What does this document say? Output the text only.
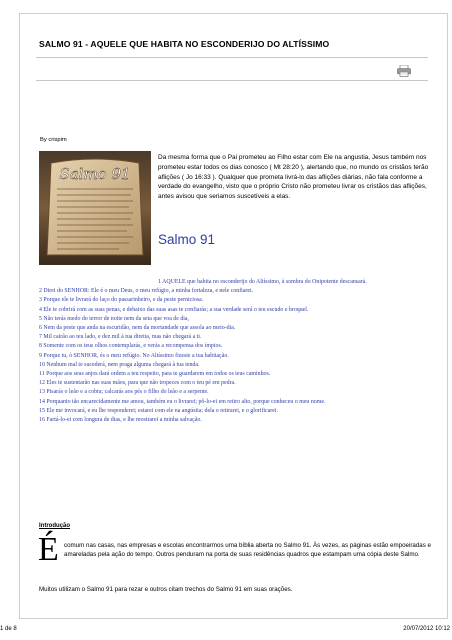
SALMO 91 - AQUELE QUE HABITA NO ESCONDERIJO DO ALTÍSSIMO
By crispim
Salmo 91
Da mesma forma que o Pai prometeu ao Filho estar com Ele na angustia, Jesus também nos prometeu estar todos os dias conosco ( Mt 28:20 ), alertando que, no mundo os cristãos terão aflições ( Jo 16:33 ). Qualquer que prometa livrá-lo das aflições diárias, não fala conforme a verdade do evangelho, visto que o próprio Cristo não prometeu livrar os cristãos das aflições, antes avisou que seriamos suscetíveis a elas.
Salmo 91

1 AQUELE que habita no esconderijo do Altíssimo, à sombra do Onipotente descansará.

2 Direi do SENHOR: Ele é o meu Deus, o meu refúgio, a minha fortaleza, e nele confiarei.

3 Porque ele te livrará do laço do passarinheiro, e da peste perniciosa.

4 Ele te cobrirá com as suas penas, e debaixo das suas asas te confiarás; a sua verdade será o teu escudo e broquel.

5 Não terás medo do terror de noite nem da seta que voa de dia,

6 Nem da peste que anda na escuridão, nem da mortandade que assola ao meio-dia.

7 Mil cairão ao teu lado, e dez mil à tua direita, mas não chegará a ti.

8 Somente com os teus olhos contemplarás, e verás a recompensa dos ímpios.

9 Porque tu, ó SENHOR, és o meu refúgio. No Altíssimo fizeste a tua habitação.

10 Nenhum mal te sucederá, nem praga alguma chegará à tua tenda.

11 Porque aos seus anjos dará ordem a teu respeito, para te guardarem em todos os teus caminhos.

12 Eles te sustentarão nas suas mãos, para que não tropeces com o teu pé em pedra.

13 Pisarás o leão e a cobra; calcarás aos pés o filho do leão e a serpente.

14 Porquanto tão encarecidamente me amou, também eu o livrarei; pô-lo-ei em retiro alto, porque conheceu o meu nome.

15 Ele me invocará, e eu lhe responderei; estarei com ele na angústia; dela o retirarei, e o glorificarei.

16 Fartá-lo-ei com longura de dias, e lhe mostrarei a minha salvação.

Introdução
É comum nas casas, nas empresas e escolas encontrarmos uma bíblia aberta no Salmo 91. Às vezes, as páginas estão empoeiradas e amareladas pela ação do tempo. Outros penduram na porta de suas residências quadros que estampam uma cópia deste Salmo.
Muitos utilizam o Salmo 91 para rezar e outros citam trechos do Salmo 91 em suas orações.
1 de 8	20/07/2012 10:12
